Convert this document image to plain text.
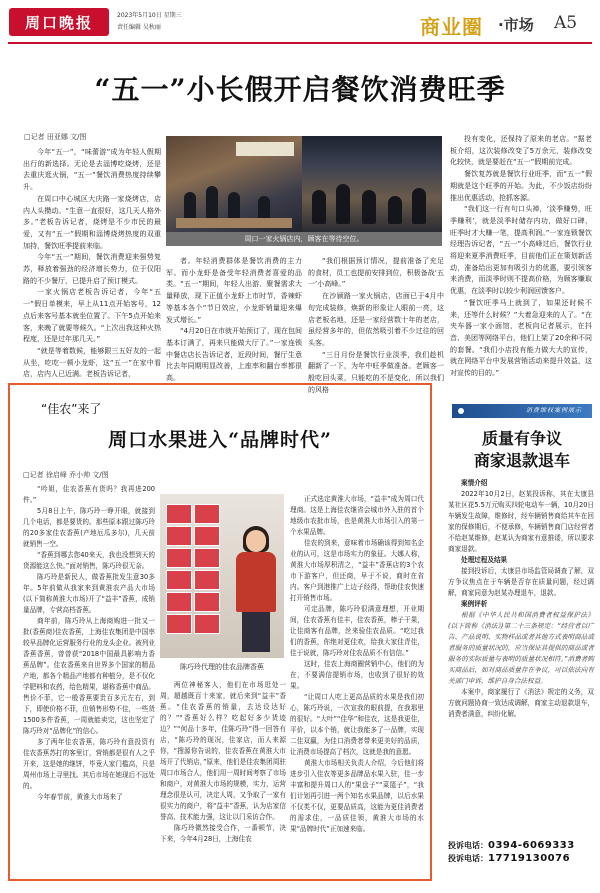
周口晚报	2023年5月10日 星期三
责任编辑 吴秋丽	商业圈 ·市场 A5
“五一”小长假开启餐饮消费旺季
□记者 田亚娜 文/图

今年“五一”，“味蕾游”成为年轻人假期出行的新选择。无论是去淄博吃烧烤，还是去重庆逛火锅，“五一”餐饮消费热度持续攀升。

在周口中心城区大庆路一家烧烤店，店内人头攒动。“生意一直很好，这几天人格外多。”老板告诉记者，烧烤是不少市民的最爱，又有“五一”假期和淄博烧烤热度的双重加持，餐饮旺季提前来临。

今年“五一”期间，餐饮消费迎来强势复苏，释放着强劲的经济增长势力，位于仅阳路的不少餐厅，已提升启了预订模式。

一家火锅店老板告诉记者，今年“五一”假日单模来，早上从11点开始客号，12点后来客号基本就坐位置了。下午5点开始来客，来晚了就要等候久。“上次出我这种火热程度，还是过年那几天。”

“就是等着数候，能够跟三五好友的一起从坐，吃吃一顿小龙虾，这“五一”在家中看店，店内人已近满。老板告诉记者，

周口一家火锅店内，顾客在等待空位。

者。年轻消费群体是餐饮消费的主力军。而小龙虾是备受年轻消费者喜爱的品类。“五一”期间，年轻人出游、聚餐需求大量释放，现下正值小龙虾上市时节，香辣虾等基本各个“节日效应，小龙虾销量迎来爆发式增长。”

“4月20日在市就开始预订了，现在包间基本订满了，再来只能做大厅了。”一家连锁中餐店店长告诉记者，近段时间，餐厅生意比去年同期明显改善，上座率和翻台率都很高。

“我们根据预订情况，提前准备了充足的食材，员工也提前安排到位，积极备战‘五一’小高峰。”

在沙颍路一家火锅店，店面已于4月中旬完成装修，焕新的形象让人眼前一亮，这店老板名地，还是一家经营数十年的老店，虽经营多年的，但依然吸引着不少过往的回头客。

“三日月份是餐饮行业淡季，我们趁机翻新了一下，为年中旺季做准备。老顾客一般吃回头菜，只能吃的不是变化，所以我们的风格

投有变化，还保持了原来的老店。“据老板介绍，这次装修改变了5万余元，装修改变化较快，就是要赶在“五一”假期前完成。

餐饮复苏就是餐饮行业旺季，而“五一”假期就是这个旺季的开始。为此，不少饭店纷纷推出优惠活动，抢抓客源。

“我们这一行有句口头禅，‘淡季赚势，旺季赚利’，就是淡季时储存内功，做好口碑，旺季时才大赚一笔，提高利润。”一家连锁餐饮经理告诉记者，“五一”小高峰过后，餐饮行业将迎来夏季消费旺季，目前他们正在策划新活动，准备给出更加有吸引力的优惠，要引领客来消费，而淡季时则不提高价格，为顾客赚取优惠，在淡季时以较少利润回馈客户。

“餐饮旺季马上就到了，如果还时候不来，还等什么时候？”大着急迎来的人了。“在夹车器一家小面馆，老板向记者展示，在抖音、美团等网络平台，他们上架了20余种不同的套餐。“我们小店投有能力做大大的宣传，就在网络平台中发展营销活动来提升效益，这对宣传的目的。”

“佳农”来了
周口水果进入“品牌时代”
□记者 徐启峰 乔小帅 文/图

“吟姐，佳农香蕉有货吗？我再进200件。”

5月8日上午，陈巧玲一睁开眼，就接到几个电话，都是要货的。那些原本跟过陈巧玲的20多家佳农香蕉(产地厄瓜多尔)，几天前就销售一空。

“香蕉到哪去您40来天，我也没想到天的货源能这么快。”面对销售，陈巧玲很无奈。

陈巧玲是新民人，做香蕉批发生意30多年。5年前做从我家来到黄淮农产品大市场(以下简称黄淮大市场)开了“益丰”香蕉，成销量品牌，专营高档香蕉。

商年前，陈巧玲从上海商购进一批又一批(香蕉商)佳农香蕉，上海佳农集团是中国率较早品牌化运营服务行业的龙头企业。被列业香蕉香蕉，曾曾获“2018中国最具影响力香蕉品牌”。佳农香蕉来自世界多个国家的精品产地，都各个精品产地都有种植分，是不仅化学肥料和农药，给色精果，堪称香蕉中商品。售价不菲，它一般香蕉要贵百多元左右，到下，即使价格不菲，但销售形势不佳，一些货1500多件香蕉，一周就能卖完，这也坚定了陈巧玲对“品牌化”的信心。

多了两年佳农香蕉，陈巧玲有意投资有佳农香蕉苏打的客里订，营销都是很有人之乎开来，这是她的继饼，毕竟人家门槛高，只是周州市场上寻里找。其后市场在她现后不远处的。

今年春节前，黄淮大市场来了

陈巧玲代理的佳农品牌香蕉

两位神秘客人，他们在市场逛处一周，超越既百十来家，就后来到“益丰”香蕉。“佳农香蕉的销量，去达设达好的？”“香蕉好么样？吃起好多少货迹边？”“何品十多年，佳陈巧玲”得一回答有店，“陈巧玲的现况，佳家店，而人来源你，“搜源你告说的，佳农香蕉在黄淮大市场开了代销店，”原来，他们是佳农集团周驻周口市场合人，他们用一周时间考察了市场和商户，对黄淮大市场的规模，实力，运营理念很是认可，决定人周，又争取了一家有很实力的商户，将“益丰”香蕉，认为店家信誉高、技术能力强，这让以门采访合作。

陈巧玲微然接受合作，一番顿节，决下来，今年4月28日，上海佳农

正式选定黄淮大市场，“益丰”成为周口代理商。这是上海佳农继省会城市外入驻的首个地级市农批市场，也是黄淮大市场引入的第一个水果品牌。

佳农的到来，意味着市场确该得到知名企业的认可，这是市场实力的象征。大娜人称，黄淮大市场厚积清之，“益丰”香蕉店的3个农市下游客户，但还商，早于不说，商时在省内。客户到港推广上边子经得，帮助佳农快速打开销售市场。

可定品牌，陈巧玲很满意理想，开业期间，佳农香蕉有佳丰，佳农香蕉，棒子干果，让佳商客有品牌，丝来验佳农品质。“吃过我们的香蕉，你绝对更佳欢，给我大家佳青佳，佳于说就，陈巧玲对佳农品质不有信信。”

这时，佳农上海商圈营销中心，他们的为在，不要满信提销市场，也收到了很好的效果。

“让周口人吃上更高品质的水果是我们初心，陈巧玲说，一次宣我的眼前提，在我那里的很好。“大叶”“佳华”和佳农，这是我更佳，平价，以本个销，就让我能多了一品牌，实现二佳双赢，为佳口消费者带来更美好的品质，让消费市场提高了档次，这就是我的意愿。

黄淮大市场相关负责人介绍，今后他们将进步引入佳农等更多品牌品水果入驻，佳一步丰富和提升周口人的“果盘子”“菜篮子”，“我们计划再引进一两个知名水果品牌，以后水果不仅类不仅，更要品质高，这能为更佳消费者的需求佳，一品质佳领，黄淮大市场的水果“品牌时代”正加速来临。

消费维权案例展示
质量有争议
商家退款退车

案情介绍

2022年10月2日，赵某投诉称，其在太康县某社区花5.5万元购买四轮电动车一辆，10月20日车辆发生故障，维修时，经车辆销售商给其车在回家的保修期后，不便承修，车辆销售商门店经营者不给赵某维修，赵某认为商家有意推诿，所以要求商家退款。

处理过程及结果

接到投诉后，太康县市场监管局调查了解，双方争议焦点在于车辆是否存在质量问题，经过调解，商家同意为赵某办理退车，退款。

案例评析

根据《中华人民共和国消费者权益保护法》(以下简称《消法》)第二十三条规定：“经营者以广告、产品说明、实物样品或者其他方式表明商品或者服务的质量状况的，应当保证其提供的商品或者服务的实际质量与表明的质量状况相符。”消费者购买商品后，如对商品质量存在争议，可以依法向有关部门申诉，维护自身合法权益。

本案中，商家履行了《消法》规定的义务，双方就问题协商一致达成调解，商家主动退款退车，消费者满意，纠纷化解。

投诉电话：0394-6069333
投诉电话：17719130076
